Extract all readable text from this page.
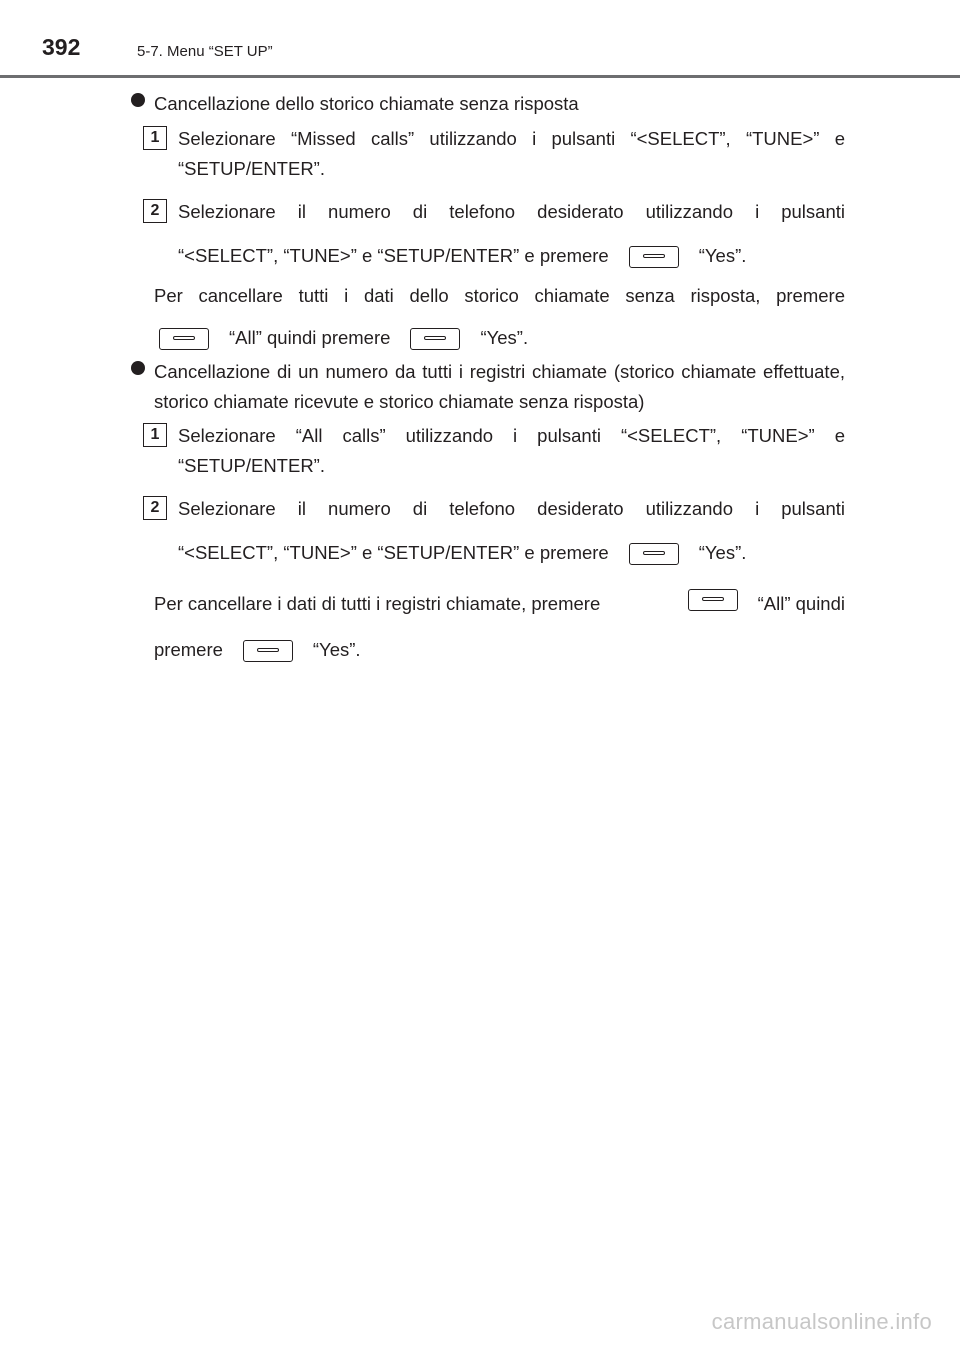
392	5-7. Menu “SET UP”
Cancellazione dello storico chiamate senza risposta
1	Selezionare “Missed calls” utilizzando i pulsanti “<SELECT”, “TUNE>” e
“SETUP/ENTER”.
2	Selezionare il numero di telefono desiderato utilizzando i pulsanti
“<SELECT”, “TUNE>” e “SETUP/ENTER” e premere	“Yes”.
Per cancellare tutti i dati dello storico chiamate senza risposta, premere
“All” quindi premere	“Yes”.
Cancellazione di un numero da tutti i registri chiamate (storico chiamate effettuate, storico chiamate ricevute e storico chiamate senza risposta)
1	Selezionare “All calls” utilizzando i pulsanti “<SELECT”, “TUNE>” e
“SETUP/ENTER”.
2	Selezionare il numero di telefono desiderato utilizzando i pulsanti
“<SELECT”, “TUNE>” e “SETUP/ENTER” e premere	“Yes”.
Per cancellare i dati di tutti i registri chiamate, premere	“All” quindi
premere	“Yes”.
carmanualsonline.info
